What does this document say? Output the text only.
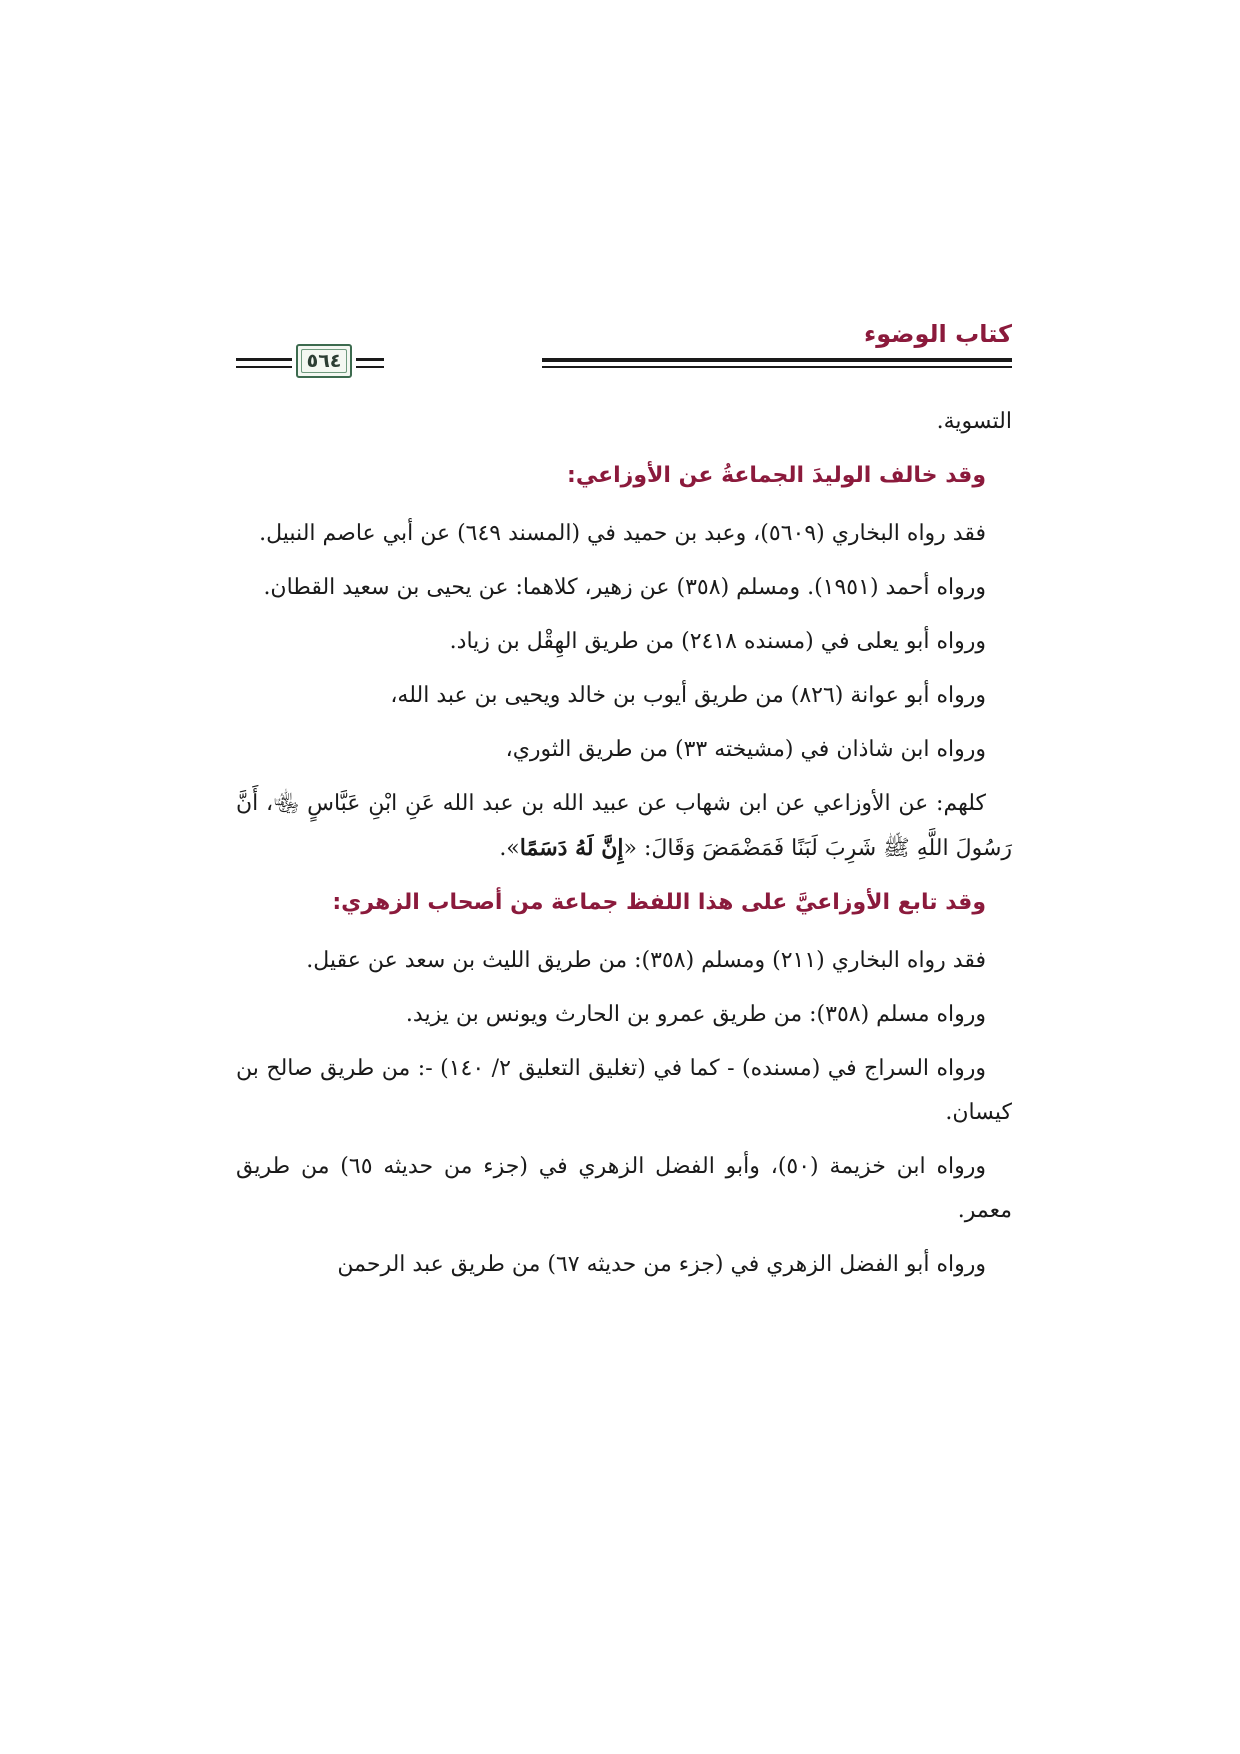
كتاب الوضوء
٥٦٤

التسوية.

وقد خالف الوليدَ الجماعةُ عن الأوزاعي:

فقد رواه البخاري (٥٦٠٩)، وعبد بن حميد في (المسند ٦٤٩) عن أبي عاصم النبيل.

ورواه أحمد (١٩٥١). ومسلم (٣٥٨) عن زهير، كلاهما: عن يحيى بن سعيد القطان.

ورواه أبو يعلى في (مسنده ٢٤١٨) من طريق الهِقْل بن زياد.

ورواه أبو عوانة (٨٢٦) من طريق أيوب بن خالد ويحيى بن عبد الله،

ورواه ابن شاذان في (مشيخته ٣٣) من طريق الثوري،

كلهم: عن الأوزاعي عن ابن شهاب عن عبيد الله بن عبد الله عَنِ ابْنِ عَبَّاسٍ ﵄، أَنَّ رَسُولَ اللَّهِ ﷺ شَرِبَ لَبَنًا فَمَضْمَضَ وَقَالَ: «إِنَّ لَهُ دَسَمًا».

وقد تابع الأوزاعيَّ على هذا اللفظ جماعة من أصحاب الزهري:

فقد رواه البخاري (٢١١) ومسلم (٣٥٨): من طريق الليث بن سعد عن عقيل.

ورواه مسلم (٣٥٨): من طريق عمرو بن الحارث ويونس بن يزيد.

ورواه السراج في (مسنده) - كما في (تغليق التعليق ٢/ ١٤٠) -: من طريق صالح بن كيسان.

ورواه ابن خزيمة (٥٠)، وأبو الفضل الزهري في (جزء من حديثه ٦٥) من طريق معمر.

ورواه أبو الفضل الزهري في (جزء من حديثه ٦٧) من طريق عبد الرحمن
